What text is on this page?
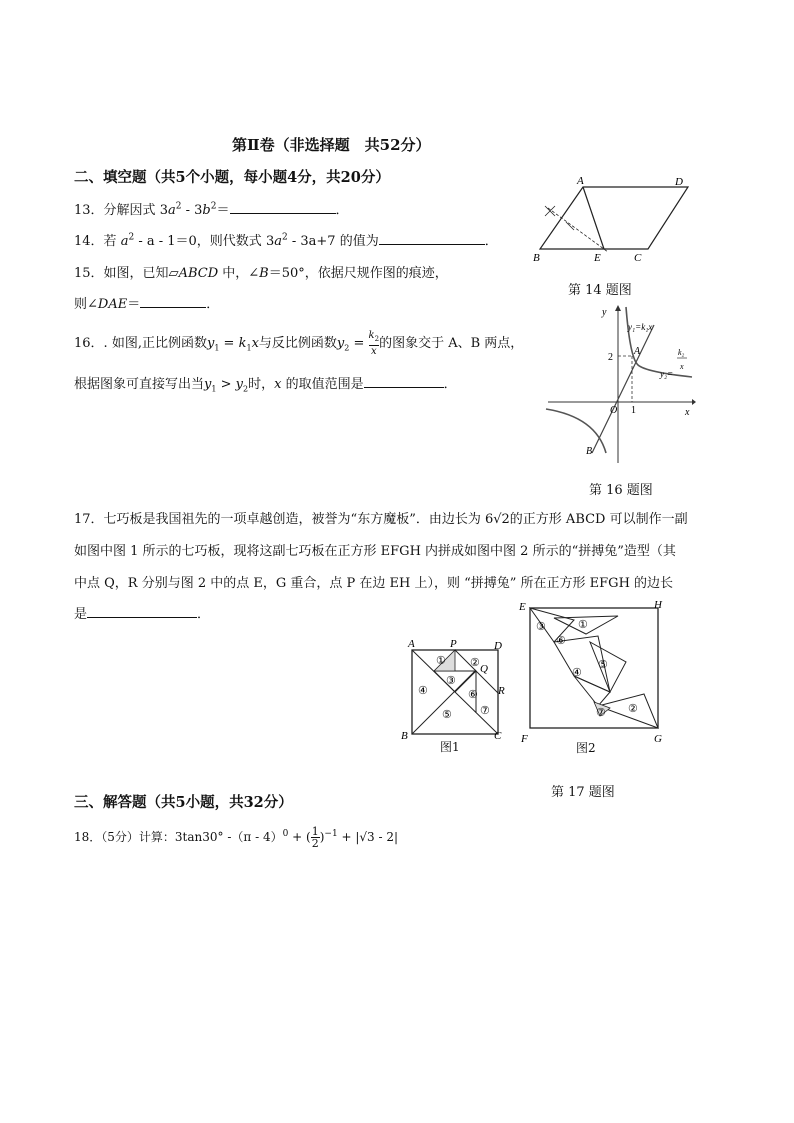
第Ⅱ卷（非选择题　共52分）
二、填空题（共5个小题，每小题4分，共20分）
13．分解因式 $3a^2 - 3b^2=$	．
14．若 $a^2 - a - 1=0$，则代数式 $3a^2 - 3a+7$ 的值为	．
15．如图，已知▱ABCD 中，∠B＝50°，依据尺规作图的痕迹，
则∠DAE＝	．
16．. 如图,正比例函数$y_1 = k_1x$与反比例函数$y_2 = \frac{k_2}{x}$ 的图象交于 A、B 两点，
根据图象可直接写出当$y_1 > y_2$时，x 的取值范围是	．
A	D
B	E	C
第 14 题图
y
x
O 1
2
A
B
y₁=k₁x
y₂=
k₂
x
第 16 题图
17．七巧板是我国祖先的一项卓越创造，被誉为“东方魔板”．由边长为 6√2的正方形 ABCD 可以制作一副
如图中图 1 所示的七巧板，现将这副七巧板在正方形 EFGH 内拼成如图中图 2 所示的“拼搏兔”造型（其
中点 Q，R 分别与图 2 中的点 E，G 重合，点 P 在边 EH 上），则 “拼搏兔” 所在正方形 EFGH 的边长
是	．
A	P	D
Q
R
B	C
① ②
③
④
⑤
⑥
⑦
图1
E	H
F	G
①
②
③
④
⑤
⑥
⑦
图2
第 17 题图
三、解答题（共5小题，共32分）
18．（5分）计算：3tan30° -（π - 4）$^0$ + ( $\frac{1}{2} )^{-1} + |√3 - 2|$
